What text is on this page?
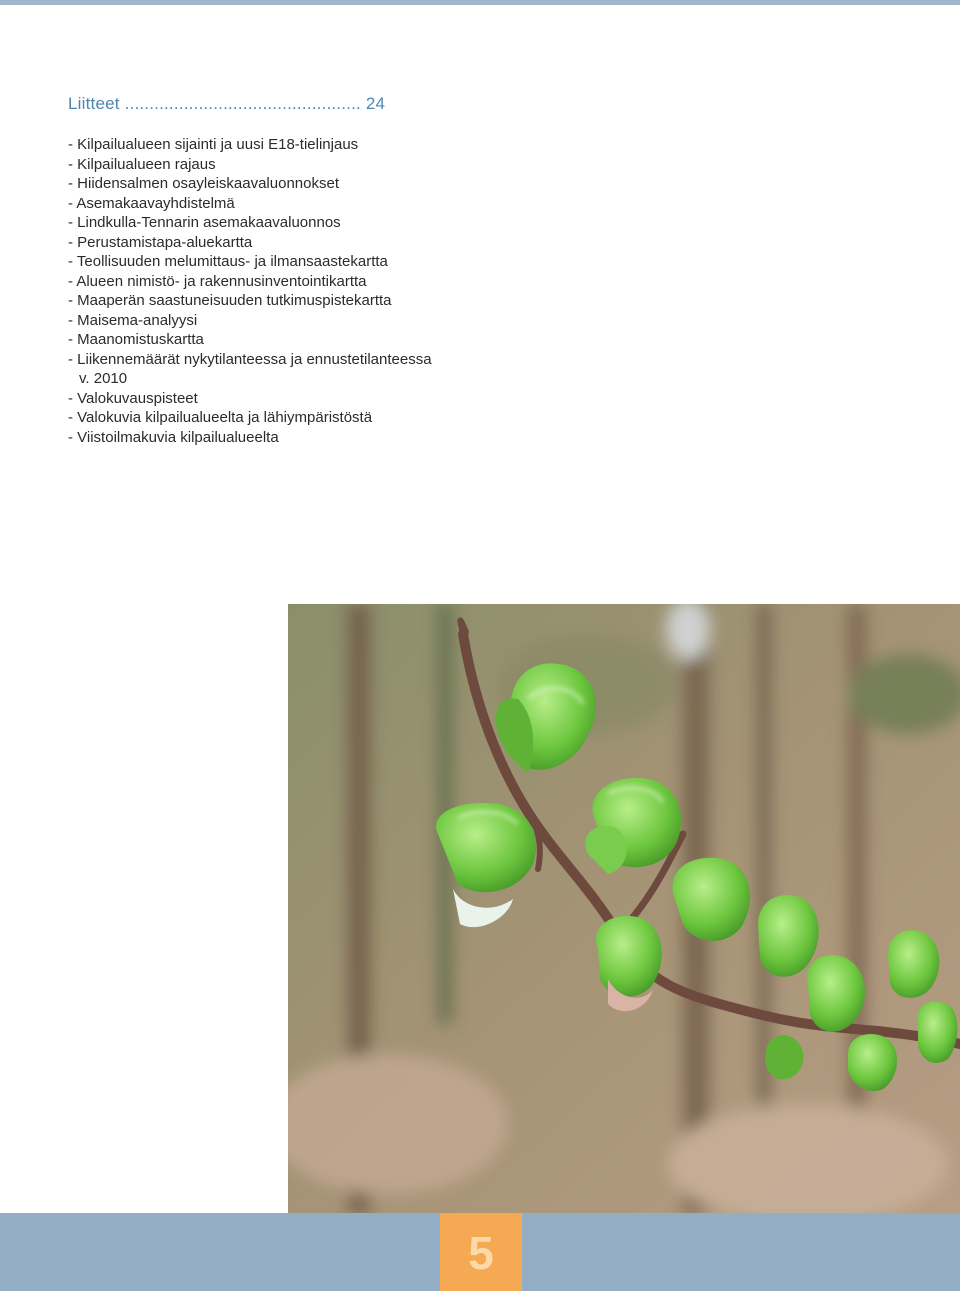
Liitteet ................................................ 24
- Kilpailualueen sijainti ja uusi E18-tielinjaus
- Kilpailualueen rajaus
- Hiidensalmen osayleiskaavaluonnokset
- Asemakaavayhdistelmä
- Lindkulla-Tennarin asemakaavaluonnos
- Perustamistapa-aluekartta
- Teollisuuden melumittaus- ja ilmansaastekartta
- Alueen nimistö- ja rakennusinventointikartta
- Maaperän saastuneisuuden tutkimuspistekartta
- Maisema-analyysi
- Maanomistuskartta
- Liikennemäärät nykytilanteessa ja ennustetilanteessa
v. 2010
- Valokuvauspisteet
- Valokuvia kilpailualueelta ja lähiympäristöstä
- Viistoilmakuvia kilpailualueelta
5
